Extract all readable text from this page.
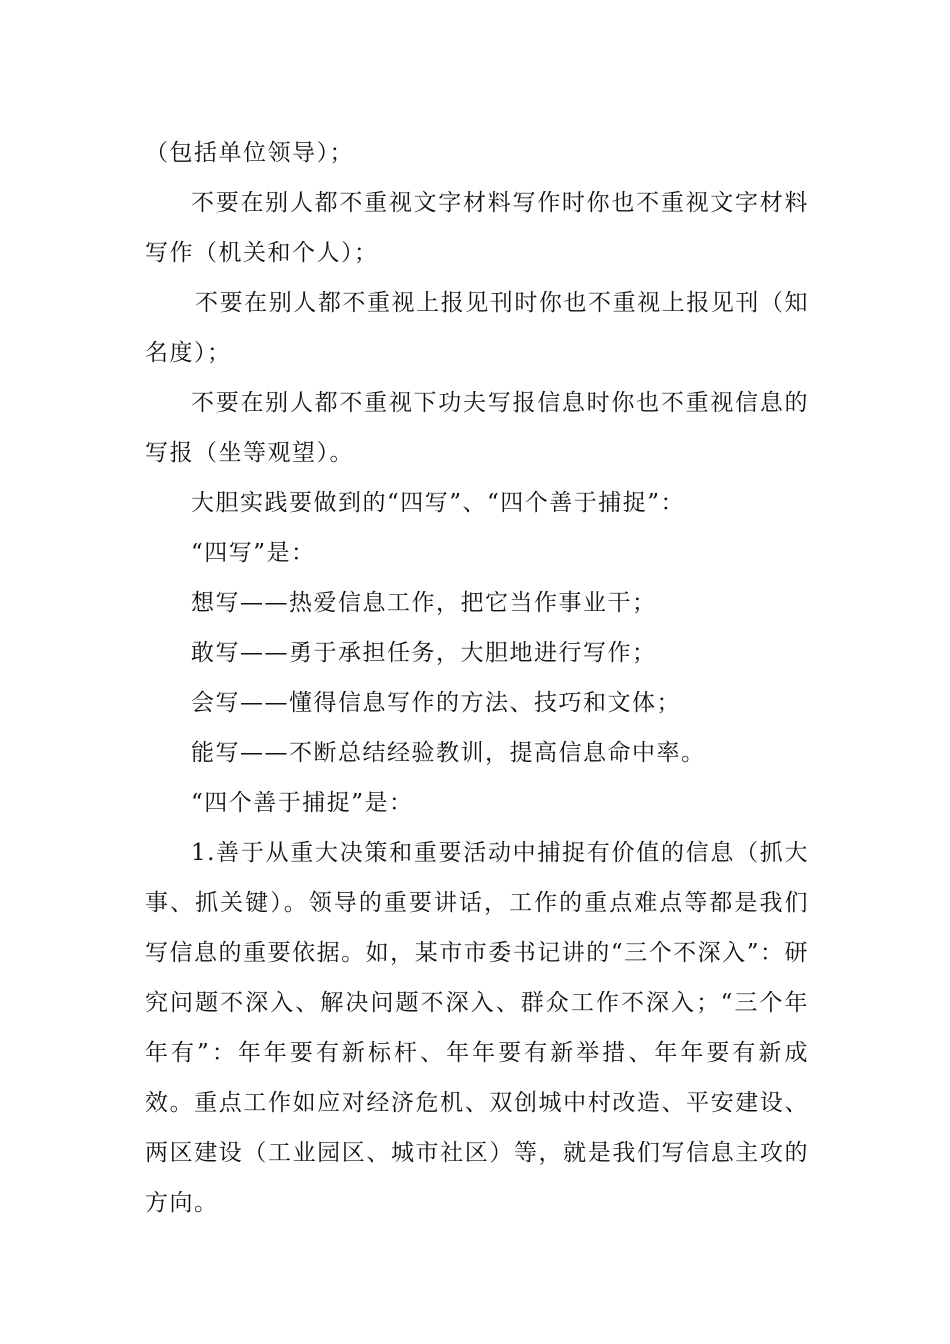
（包括单位领导）；

不要在别人都不重视文字材料写作时你也不重视文字材料写作（机关和个人）；

不要在别人都不重视上报见刊时你也不重视上报见刊（知名度）；

不要在别人都不重视下功夫写报信息时你也不重视信息的写报（坐等观望）。

大胆实践要做到的“四写”、“四个善于捕捉”：

“四写”是：

想写——热爱信息工作，把它当作事业干；

敢写——勇于承担任务，大胆地进行写作；

会写——懂得信息写作的方法、技巧和文体；

能写——不断总结经验教训，提高信息命中率。

“四个善于捕捉”是：

1.善于从重大决策和重要活动中捕捉有价值的信息（抓大事、抓关键）。领导的重要讲话，工作的重点难点等都是我们写信息的重要依据。如，某市市委书记讲的“三个不深入”：研究问题不深入、解决问题不深入、群众工作不深入；“三个年年有”：年年要有新标杆、年年要有新举措、年年要有新成效。重点工作如应对经济危机、双创城中村改造、平安建设、两区建设（工业园区、城市社区）等，就是我们写信息主攻的方向。
